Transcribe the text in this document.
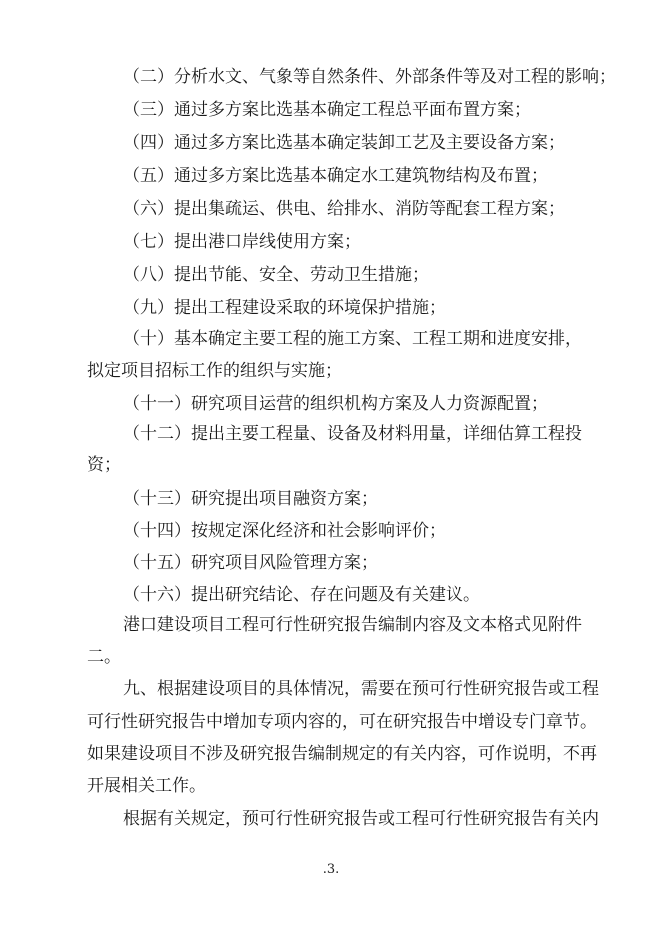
（二）分析水文、气象等自然条件、外部条件等及对工程的影响；
（三）通过多方案比选基本确定工程总平面布置方案；
（四）通过多方案比选基本确定装卸工艺及主要设备方案；
（五）通过多方案比选基本确定水工建筑物结构及布置；
（六）提出集疏运、供电、给排水、消防等配套工程方案；
（七）提出港口岸线使用方案；
（八）提出节能、安全、劳动卫生措施；
（九）提出工程建设采取的环境保护措施；
（十）基本确定主要工程的施工方案、工程工期和进度安排，
拟定项目招标工作的组织与实施；
（十一）研究项目运营的组织机构方案及人力资源配置；
（十二）提出主要工程量、设备及材料用量，详细估算工程投
资；
（十三）研究提出项目融资方案；
（十四）按规定深化经济和社会影响评价；
（十五）研究项目风险管理方案；
（十六）提出研究结论、存在问题及有关建议。
港口建设项目工程可行性研究报告编制内容及文本格式见附件
二。
九、根据建设项目的具体情况，需要在预可行性研究报告或工程
可行性研究报告中增加专项内容的，可在研究报告中增设专门章节。
如果建设项目不涉及研究报告编制规定的有关内容，可作说明，不再
开展相关工作。
根据有关规定，预可行性研究报告或工程可行性研究报告有关内
.3.
